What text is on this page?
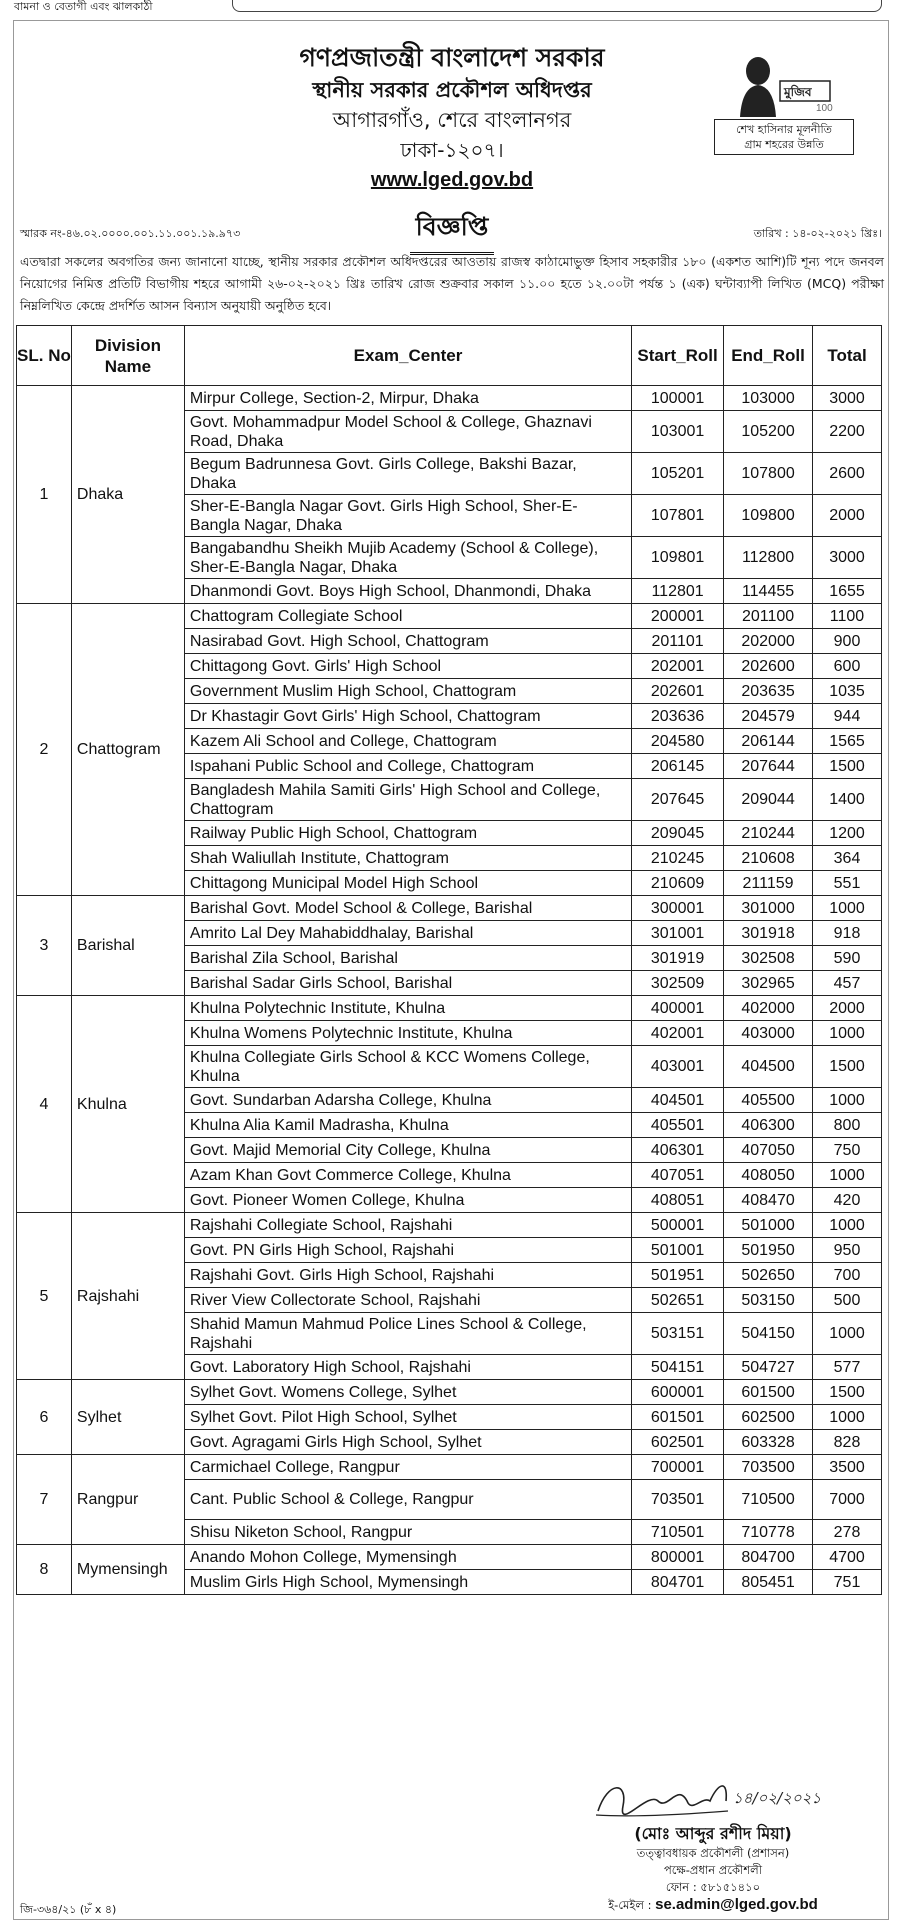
বামনা ও বেতাগী এবং ঝালকাঠী
গণপ্রজাতন্ত্রী বাংলাদেশ সরকার
স্থানীয় সরকার প্রকৌশল অধিদপ্তর
আগারগাঁও, শেরে বাংলানগর
ঢাকা-১২০৭।
www.lged.gov.bd
বিজ্ঞপ্তি
মুজিব
100
শেখ হাসিনার মূলনীতি
গ্রাম শহরের উন্নতি
স্মারক নং-৪৬.০২.০০০০.০০১.১১.০০১.১৯.৯৭৩	তারিখ : ১৪-০২-২০২১ খ্রিঃ।
এতদ্বারা সকলের অবগতির জন্য জানানো যাচ্ছে, স্থানীয় সরকার প্রকৌশল অধিদপ্তরের আওতায় রাজস্ব কাঠামোভুক্ত হিসাব সহকারীর ১৮০ (একশত আশি)টি শূন্য পদে জনবল নিয়োগের নিমিত্ত প্রতিটি বিভাগীয় শহরে আগামী ২৬-০২-২০২১ খ্রিঃ তারিখ রোজ শুক্রবার সকাল ১১.০০ হতে ১২.০০টা পর্যন্ত ১ (এক) ঘন্টাব্যাপী লিখিত (MCQ) পরীক্ষা নিম্নলিখিত কেন্দ্রে প্রদর্শিত আসন বিন্যাস অনুযায়ী অনুষ্ঠিত হবে।
SL. No	Division Name	Exam_Center	Start_Roll	End_Roll	Total
1	Dhaka	Mirpur College, Section-2, Mirpur, Dhaka	100001	103000	3000
		Govt. Mohammadpur Model School & College, Ghaznavi Road, Dhaka	103001	105200	2200
		Begum Badrunnesa Govt. Girls College, Bakshi Bazar, Dhaka	105201	107800	2600
		Sher-E-Bangla Nagar Govt. Girls High School, Sher-E-Bangla Nagar, Dhaka	107801	109800	2000
		Bangabandhu Sheikh Mujib Academy (School & College), Sher-E-Bangla Nagar, Dhaka	109801	112800	3000
		Dhanmondi Govt. Boys High School, Dhanmondi, Dhaka	112801	114455	1655
2	Chattogram	Chattogram Collegiate School	200001	201100	1100
		Nasirabad Govt. High School, Chattogram	201101	202000	900
		Chittagong Govt. Girls' High School	202001	202600	600
		Government Muslim High School, Chattogram	202601	203635	1035
		Dr Khastagir Govt Girls' High School, Chattogram	203636	204579	944
		Kazem Ali School and College, Chattogram	204580	206144	1565
		Ispahani Public School and College, Chattogram	206145	207644	1500
		Bangladesh Mahila Samiti Girls' High School and College, Chattogram	207645	209044	1400
		Railway Public High School, Chattogram	209045	210244	1200
		Shah Waliullah Institute, Chattogram	210245	210608	364
		Chittagong Municipal Model High School	210609	211159	551
3	Barishal	Barishal Govt. Model School & College, Barishal	300001	301000	1000
		Amrito Lal Dey Mahabiddhalay, Barishal	301001	301918	918
		Barishal Zila School, Barishal	301919	302508	590
		Barishal Sadar Girls School, Barishal	302509	302965	457
4	Khulna	Khulna Polytechnic Institute, Khulna	400001	402000	2000
		Khulna Womens Polytechnic Institute, Khulna	402001	403000	1000
		Khulna Collegiate Girls School & KCC Womens College, Khulna	403001	404500	1500
		Govt. Sundarban Adarsha College, Khulna	404501	405500	1000
		Khulna Alia Kamil Madrasha, Khulna	405501	406300	800
		Govt. Majid Memorial City College, Khulna	406301	407050	750
		Azam Khan Govt Commerce College, Khulna	407051	408050	1000
		Govt. Pioneer Women College, Khulna	408051	408470	420
5	Rajshahi	Rajshahi Collegiate School, Rajshahi	500001	501000	1000
		Govt. PN Girls High School, Rajshahi	501001	501950	950
		Rajshahi Govt. Girls High School, Rajshahi	501951	502650	700
		River View Collectorate School, Rajshahi	502651	503150	500
		Shahid Mamun Mahmud Police Lines School & College, Rajshahi	503151	504150	1000
		Govt. Laboratory High School, Rajshahi	504151	504727	577
6	Sylhet	Sylhet Govt. Womens College, Sylhet	600001	601500	1500
		Sylhet Govt. Pilot High School, Sylhet	601501	602500	1000
		Govt. Agragami Girls High School, Sylhet	602501	603328	828
7	Rangpur	Carmichael College, Rangpur	700001	703500	3500
		Cant. Public School & College, Rangpur	703501	710500	7000
		Shisu Niketon School, Rangpur	710501	710778	278
8	Mymensingh	Anando Mohon College, Mymensingh	800001	804700	4700
		Muslim Girls High School, Mymensingh	804701	805451	751
১৪/০২/২০২১
(মোঃ আব্দুর রশীদ মিয়া)
তত্ত্বাবধায়ক প্রকৌশলী (প্রশাসন)
পক্ষে-প্রধান প্রকৌশলী
ফোন : ৫৮১৫১৪১০
ই-মেইল : se.admin@lged.gov.bd
জি-৩৬৪/২১ (৮ঁ x ৪)
